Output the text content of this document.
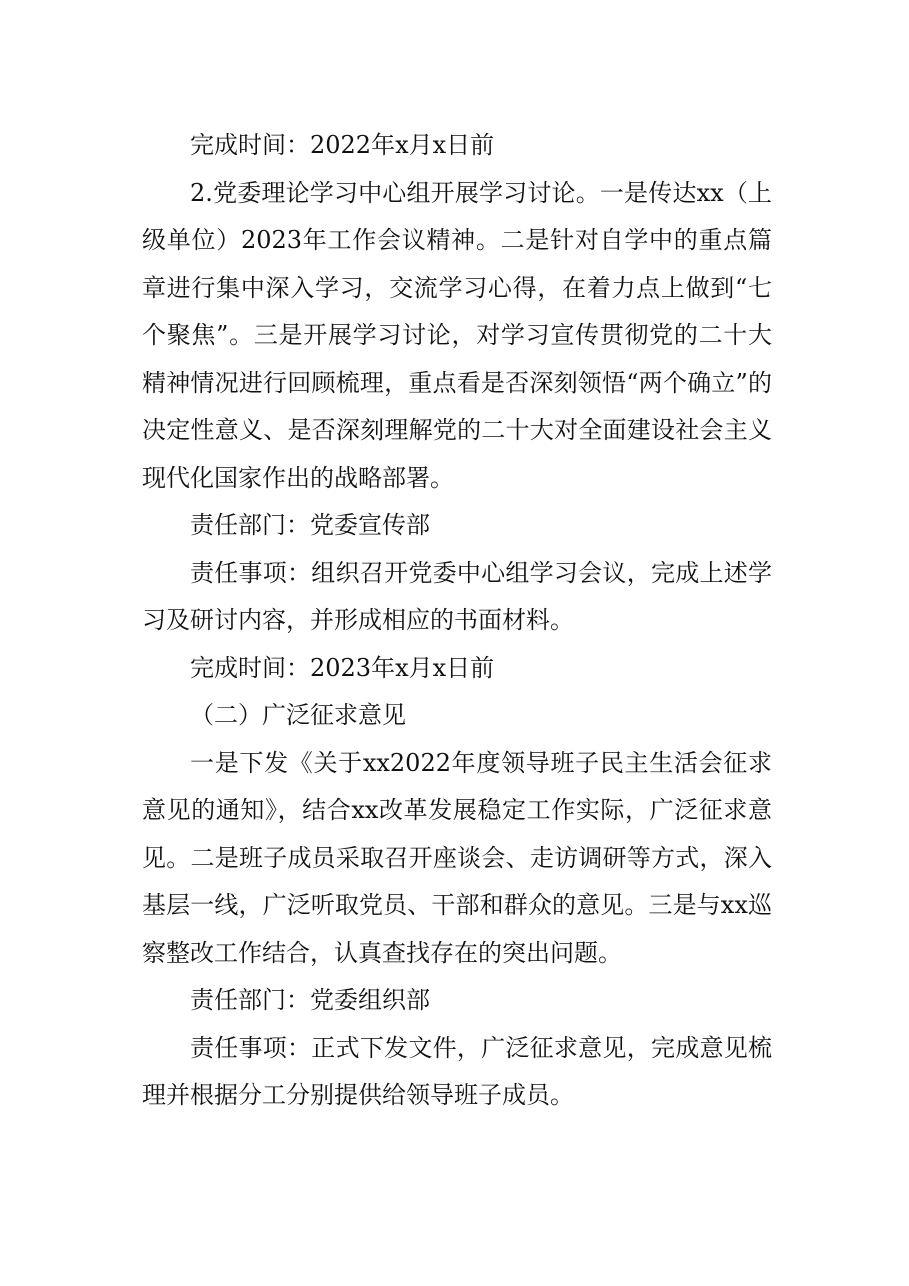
完成时间：2022年x月x日前

2.党委理论学习中心组开展学习讨论。一是传达xx（上级单位）2023年工作会议精神。二是针对自学中的重点篇章进行集中深入学习，交流学习心得，在着力点上做到“七个聚焦”。三是开展学习讨论，对学习宣传贯彻党的二十大精神情况进行回顾梳理，重点看是否深刻领悟“两个确立”的决定性意义、是否深刻理解党的二十大对全面建设社会主义现代化国家作出的战略部署。

责任部门：党委宣传部

责任事项：组织召开党委中心组学习会议，完成上述学习及研讨内容，并形成相应的书面材料。

完成时间：2023年x月x日前

（二）广泛征求意见

一是下发《关于xx2022年度领导班子民主生活会征求意见的通知》，结合xx改革发展稳定工作实际，广泛征求意见。二是班子成员采取召开座谈会、走访调研等方式，深入基层一线，广泛听取党员、干部和群众的意见。三是与xx巡察整改工作结合，认真查找存在的突出问题。

责任部门：党委组织部

责任事项：正式下发文件，广泛征求意见，完成意见梳理并根据分工分别提供给领导班子成员。
